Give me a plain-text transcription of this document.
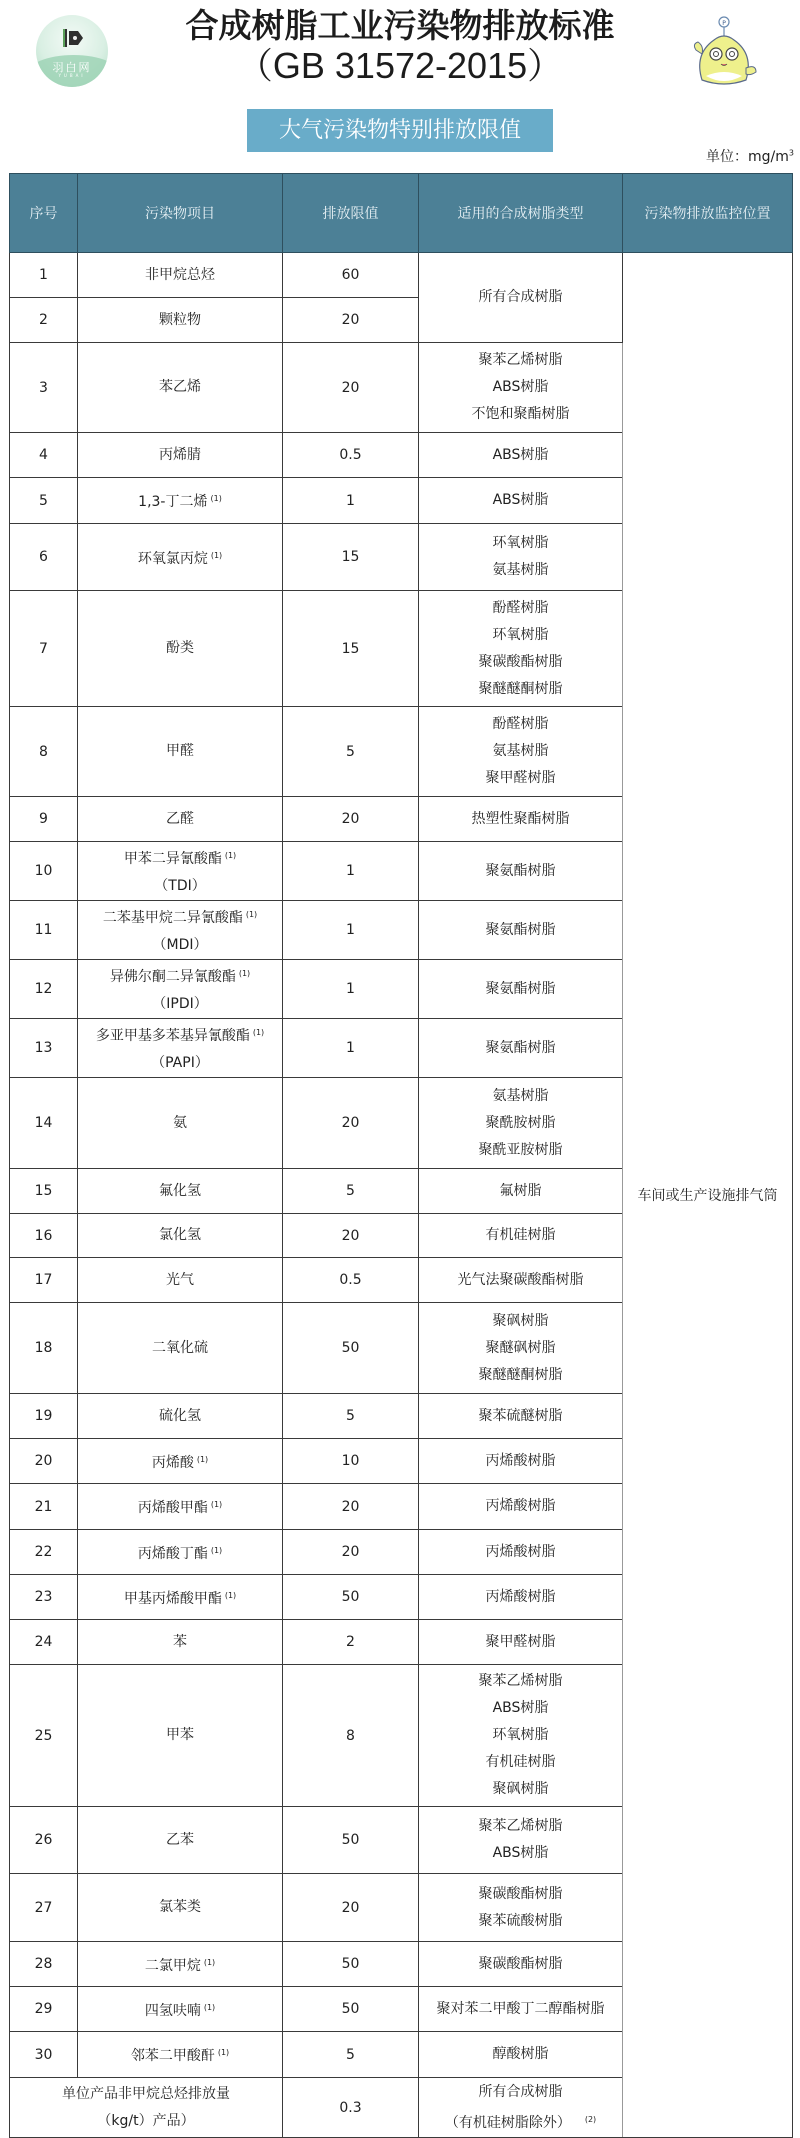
羽白网
YUBAI
P
合成树脂工业污染物排放标准
（GB 31572-2015）
大气污染物特别排放限值
单位：$mg/m^3$
序号	污染物项目	排放限值	适用的合成树脂类型	污染物排放监控位置
1	非甲烷总烃	60	所有合成树脂	车间或生产设施排气筒
2	颗粒物	20		
3	苯乙烯	20	聚苯乙烯树脂
ABS树脂
不饱和聚酯树脂	

4	丙烯腈	0.5	ABS树脂	

5	1,3-丁二烯 $^{(1)}$	1	ABS树脂	

6	环氧氯丙烷 $^{(1)}$	15	环氧树脂
氨基树脂	

7	酚类	15	酚醛树脂
环氧树脂
聚碳酸酯树脂
聚醚醚酮树脂	

8	甲醛	5	酚醛树脂
氨基树脂
聚甲醛树脂	

9	乙醛	20	热塑性聚酯树脂	

10	甲苯二异氰酸酯 $^{(1)}$
（TDI）	1	聚氨酯树脂	

11	二苯基甲烷二异氰酸酯 $^{(1)}$
（MDI）	1	聚氨酯树脂	

12	异佛尔酮二异氰酸酯 $^{(1)}$
（IPDI）	1	聚氨酯树脂	

13	多亚甲基多苯基异氰酸酯 $^{(1)}$
（PAPI）	1	聚氨酯树脂	

14	氨	20	氨基树脂
聚酰胺树脂
聚酰亚胺树脂	

15	氟化氢	5	氟树脂	

16	氯化氢	20	有机硅树脂	

17	光气	0.5	光气法聚碳酸酯树脂	

18	二氧化硫	50	聚砜树脂
聚醚砜树脂
聚醚醚酮树脂	

19	硫化氢	5	聚苯硫醚树脂	

20	丙烯酸 $^{(1)}$	10	丙烯酸树脂	

21	丙烯酸甲酯 $^{(1)}$	20	丙烯酸树脂	

22	丙烯酸丁酯 $^{(1)}$	20	丙烯酸树脂	

23	甲基丙烯酸甲酯 $^{(1)}$	50	丙烯酸树脂	

24	苯	2	聚甲醛树脂	

25	甲苯	8	聚苯乙烯树脂
ABS树脂
环氧树脂
有机硅树脂
聚砜树脂	

26	乙苯	50	聚苯乙烯树脂
ABS树脂	

27	氯苯类	20	聚碳酸酯树脂
聚苯硫酸树脂	

28	二氯甲烷 $^{(1)}$	50	聚碳酸酯树脂	

29	四氢呋喃 $^{(1)}$	50	聚对苯二甲酸丁二醇酯树脂	

30	邻苯二甲酸酐 $^{(1)}$	5	醇酸树脂	

单位产品非甲烷总烃排放量
（kg/t）产品）
	0.3	
所有合成树脂
（有机硅树脂除外） $^{(2)}$
